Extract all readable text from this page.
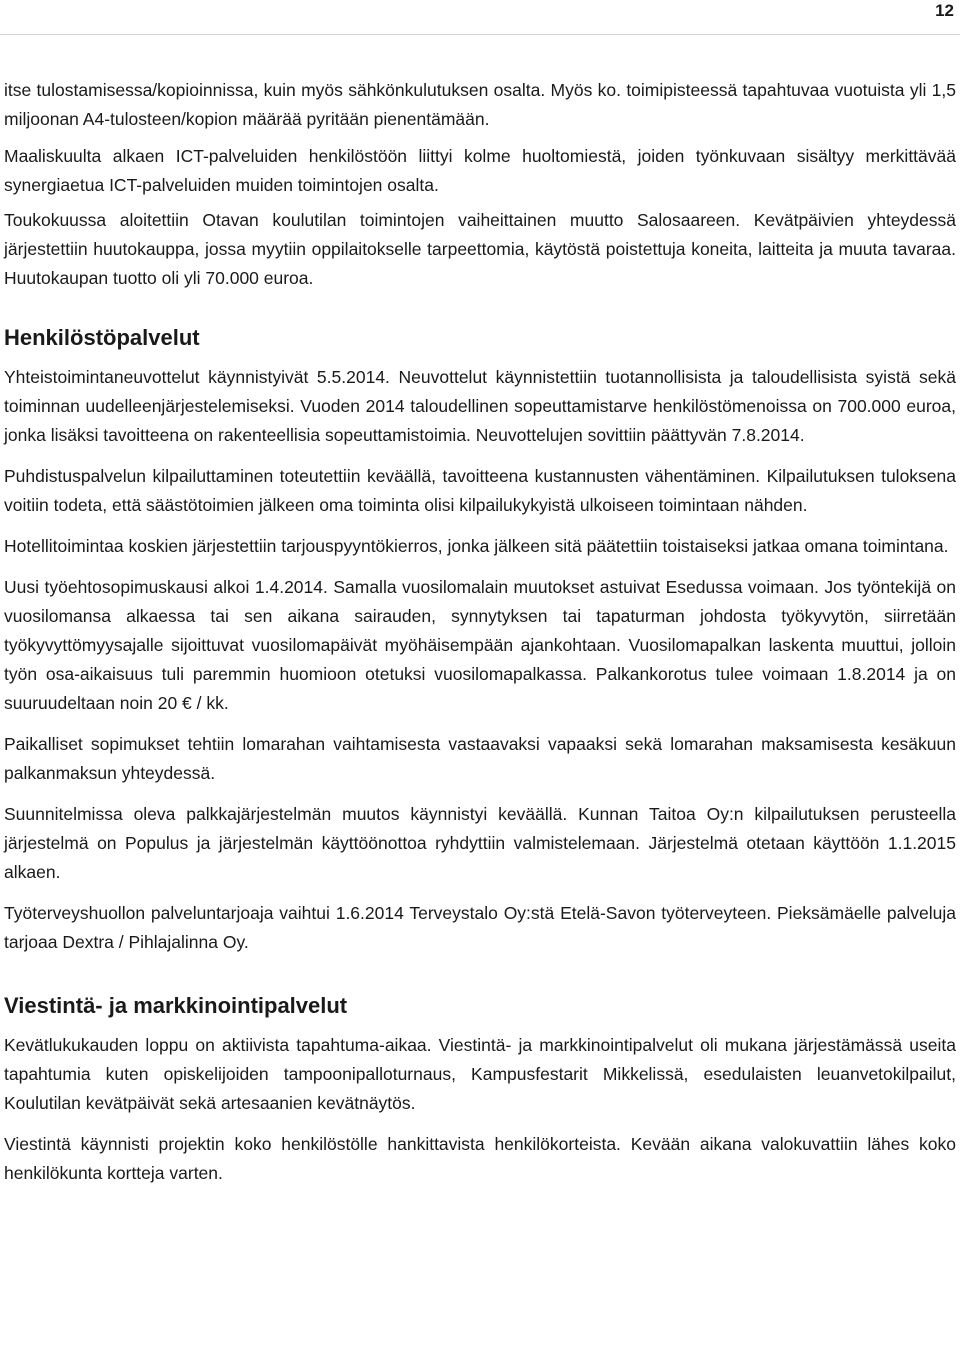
12

itse tulostamisessa/kopioinnissa, kuin myös sähkönkulutuksen osalta. Myös ko. toimipisteessä tapahtuvaa vuotuista yli 1,5 miljoonan A4-tulosteen/kopion määrää pyritään pienentämään.

Maaliskuulta alkaen ICT-palveluiden henkilöstöön liittyi kolme huoltomiestä, joiden työnkuvaan sisältyy merkittävää synergiaetua ICT-palveluiden muiden toimintojen osalta.

Toukokuussa aloitettiin Otavan koulutilan toimintojen vaiheittainen muutto Salosaareen. Kevätpäivien yhteydessä järjestettiin huutokauppa, jossa myytiin oppilaitokselle tarpeettomia, käytöstä poistettuja koneita, laitteita ja muuta tavaraa. Huutokaupan tuotto oli yli 70.000 euroa.

Henkilöstöpalvelut

Yhteistoimintaneuvottelut käynnistyivät 5.5.2014. Neuvottelut käynnistettiin tuotannollisista ja taloudellisista syistä sekä toiminnan uudelleenjärjestelemiseksi. Vuoden 2014 taloudellinen sopeuttamistarve henkilöstömenoissa on 700.000 euroa, jonka lisäksi tavoitteena on rakenteellisia sopeuttamistoimia. Neuvottelujen sovittiin päättyvän 7.8.2014.

Puhdistuspalvelun kilpailuttaminen toteutettiin keväällä, tavoitteena kustannusten vähentäminen. Kilpailutuksen tuloksena voitiin todeta, että säästötoimien jälkeen oma toiminta olisi kilpailukykyistä ulkoiseen toimintaan nähden.

Hotellitoimintaa koskien järjestettiin tarjouspyyntökierros, jonka jälkeen sitä päätettiin toistaiseksi jatkaa omana toimintana.

Uusi työehtosopimuskausi alkoi 1.4.2014. Samalla vuosilomalain muutokset astuivat Esedussa voimaan. Jos työntekijä on vuosilomansa alkaessa tai sen aikana sairauden, synnytyksen tai tapaturman johdosta työkyvytön, siirretään työkyvyttömyysajalle sijoittuvat vuosilomapäivät myöhäisempään ajankohtaan. Vuosilomapalkan laskenta muuttui, jolloin työn osa-aikaisuus tuli paremmin huomioon otetuksi vuosilomapalkassa. Palkankorotus tulee voimaan 1.8.2014 ja on suuruudeltaan noin 20 € / kk.

Paikalliset sopimukset tehtiin lomarahan vaihtamisesta vastaavaksi vapaaksi sekä lomarahan maksamisesta kesäkuun palkanmaksun yhteydessä.

Suunnitelmissa oleva palkkajärjestelmän muutos käynnistyi keväällä. Kunnan Taitoa Oy:n kilpailutuksen perusteella järjestelmä on Populus ja järjestelmän käyttöönottoa ryhdyttiin valmistelemaan. Järjestelmä otetaan käyttöön 1.1.2015 alkaen.

Työterveyshuollon palveluntarjoaja vaihtui 1.6.2014 Terveystalo Oy:stä Etelä-Savon työterveyteen. Pieksämäelle palveluja tarjoaa Dextra / Pihlajalinna Oy.

Viestintä- ja markkinointipalvelut

Kevätlukukauden loppu on aktiivista tapahtuma-aikaa. Viestintä- ja markkinointipalvelut oli mukana järjestämässä useita tapahtumia kuten opiskelijoiden tampoonipalloturnaus, Kampusfestarit Mikkelissä, esedulaisten leuanvetokilpailut, Koulutilan kevätpäivät sekä artesaanien kevätnäytös.

Viestintä käynnisti projektin koko henkilöstölle hankittavista henkilökorteista. Kevään aikana valokuvattiin lähes koko henkilökunta kortteja varten.
